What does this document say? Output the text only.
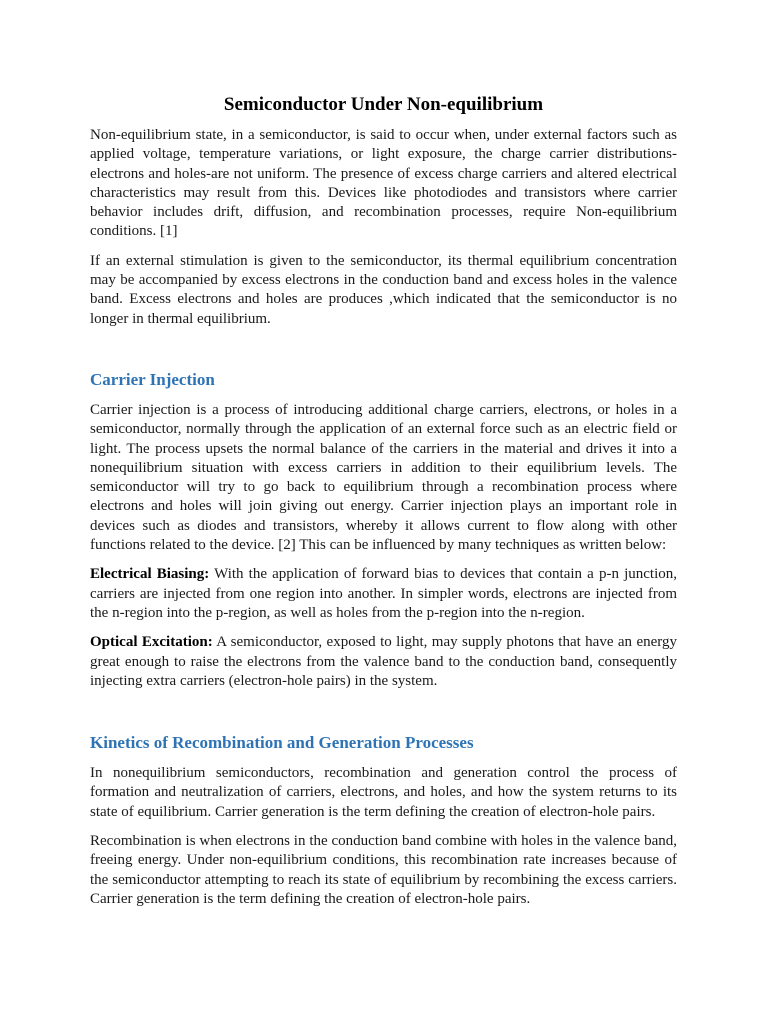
Semiconductor Under Non-equilibrium

Non-equilibrium state, in a semiconductor, is said to occur when, under external factors such as applied voltage, temperature variations, or light exposure, the charge carrier distributions-electrons and holes-are not uniform. The presence of excess charge carriers and altered electrical characteristics may result from this. Devices like photodiodes and transistors where carrier behavior includes drift, diffusion, and recombination processes, require Non-equilibrium conditions. [1]

If an external stimulation is given to the semiconductor, its thermal equilibrium concentration may be accompanied by excess electrons in the conduction band and excess holes in the valence band. Excess electrons and holes are produces ,which indicated that the semiconductor is no longer in thermal equilibrium.

Carrier Injection

Carrier injection is a process of introducing additional charge carriers, electrons, or holes in a semiconductor, normally through the application of an external force such as an electric field or light. The process upsets the normal balance of the carriers in the material and drives it into a nonequilibrium situation with excess carriers in addition to their equilibrium levels. The semiconductor will try to go back to equilibrium through a recombination process where electrons and holes will join giving out energy. Carrier injection plays an important role in devices such as diodes and transistors, whereby it allows current to flow along with other functions related to the device. [2] This can be influenced by many techniques as written below:

Electrical Biasing: With the application of forward bias to devices that contain a p-n junction, carriers are injected from one region into another. In simpler words, electrons are injected from the n-region into the p-region, as well as holes from the p-region into the n-region.

Optical Excitation: A semiconductor, exposed to light, may supply photons that have an energy great enough to raise the electrons from the valence band to the conduction band, consequently injecting extra carriers (electron-hole pairs) in the system.

Kinetics of Recombination and Generation Processes

In nonequilibrium semiconductors, recombination and generation control the process of formation and neutralization of carriers, electrons, and holes, and how the system returns to its state of equilibrium. Carrier generation is the term defining the creation of electron-hole pairs.

Recombination is when electrons in the conduction band combine with holes in the valence band, freeing energy. Under non-equilibrium conditions, this recombination rate increases because of the semiconductor attempting to reach its state of equilibrium by recombining the excess carriers. Carrier generation is the term defining the creation of electron-hole pairs.
